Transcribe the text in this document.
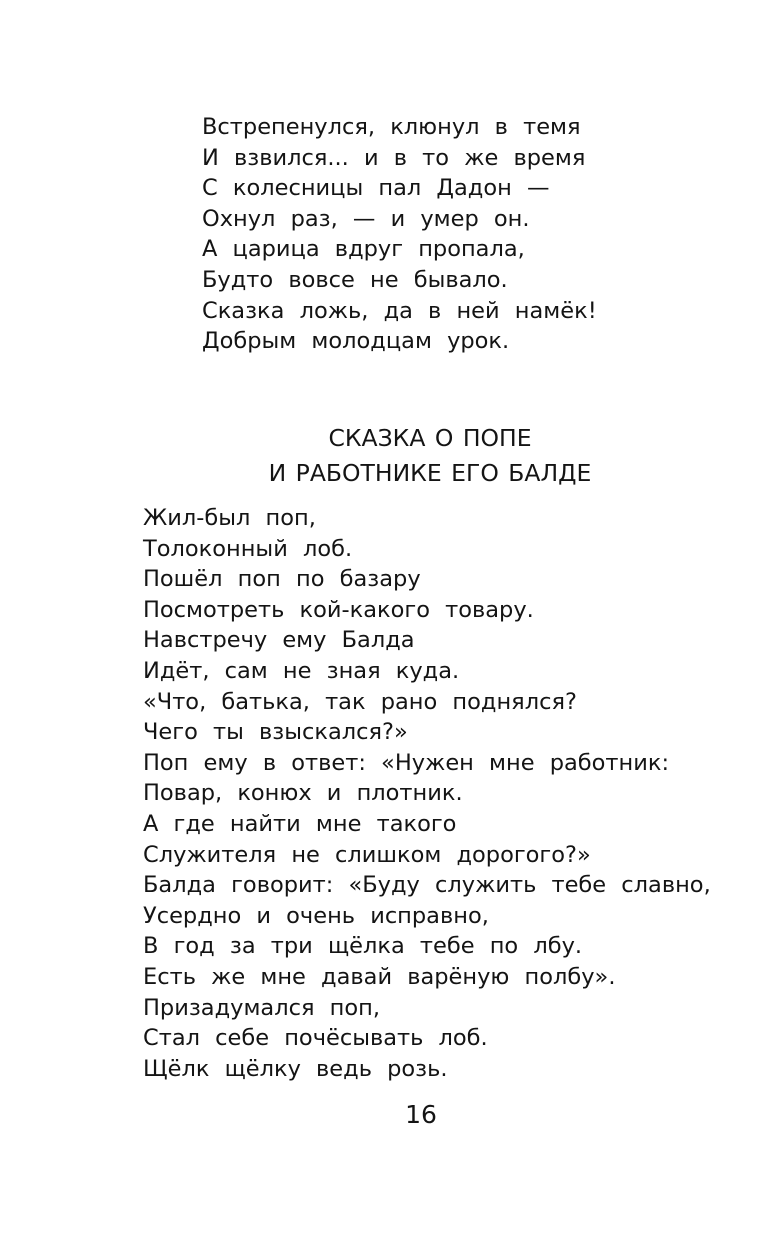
Встрепенулся, клюнул в темя
И взвился... и в то же время
С колесницы пал Дадон —
Охнул раз, — и умер он.
А царица вдруг пропала,
Будто вовсе не бывало.
Сказка ложь, да в ней намёк!
Добрым молодцам урок.
СКАЗКА О ПОПЕ
И РАБОТНИКЕ ЕГО БАЛДЕ
Жил-был поп,
Толоконный лоб.
Пошёл поп по базару
Посмотреть кой-какого товару.
Навстречу ему Балда
Идёт, сам не зная куда.
«Что, батька, так рано поднялся?
Чего ты взыскался?»
Поп ему в ответ: «Нужен мне работник:
Повар, конюх и плотник.
А где найти мне такого
Служителя не слишком дорогого?»
Балда говорит: «Буду служить тебе славно,
Усердно и очень исправно,
В год за три щёлка тебе по лбу.
Есть же мне давай варёную полбу».
Призадумался поп,
Стал себе почёсывать лоб.
Щёлк щёлку ведь розь.
16
